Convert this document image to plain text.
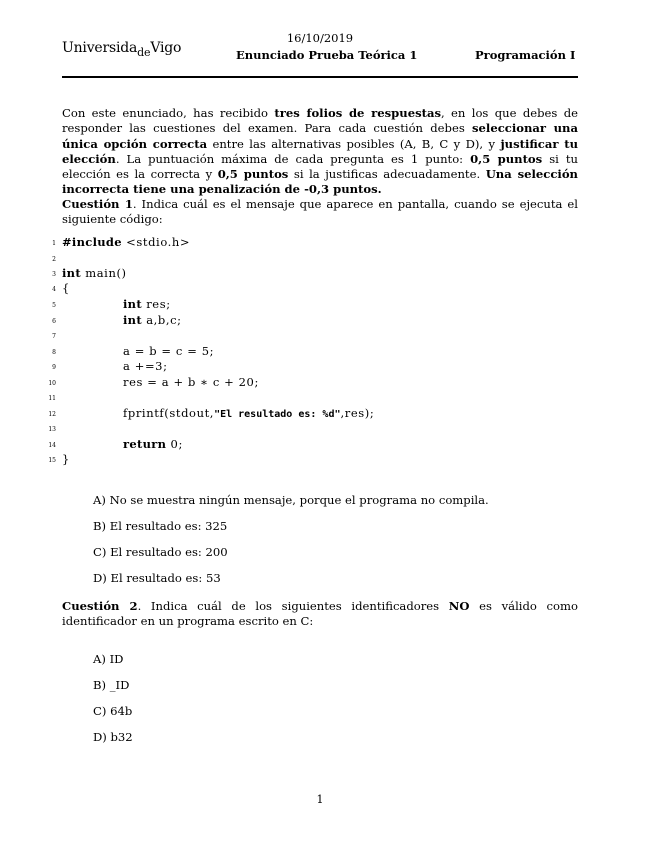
16/10/2019
Universida$_{de}$Vigo	Enunciado Prueba Teórica 1	Programación I
Con este enunciado, has recibido tres folios de respuestas, en los que debes de responder las cuestiones del examen. Para cada cuestión debes seleccionar una única opción correcta entre las alternativas posibles (A, B, C y D), y justificar tu elección. La puntuación máxima de cada pregunta es 1 punto: 0,5 puntos si tu elección es la correcta y 0,5 puntos si la justificas adecuadamente. Una selección incorrecta tiene una penalización de -0,3 puntos.
Cuestión 1. Indica cuál es el mensaje que aparece en pantalla, cuando se ejecuta el siguiente código:
1 #include <stdio.h>
2
3 int main()
4 {
5	int res;
6	int a,b,c;
7
8	a = b = c = 5;
9	a +=3;
10	res = a + b ∗ c + 20;
11
12	fprintf(stdout,"El resultado es: %d",res);
13
14	return 0;
15 }
A) No se muestra ningún mensaje, porque el programa no compila.
B) El resultado es: 325
C) El resultado es: 200
D) El resultado es: 53
Cuestión 2. Indica cuál de los siguientes identificadores NO es válido como identificador en un programa escrito en C:
A) ID
B) _ID
C) 64b
D) b32
1
